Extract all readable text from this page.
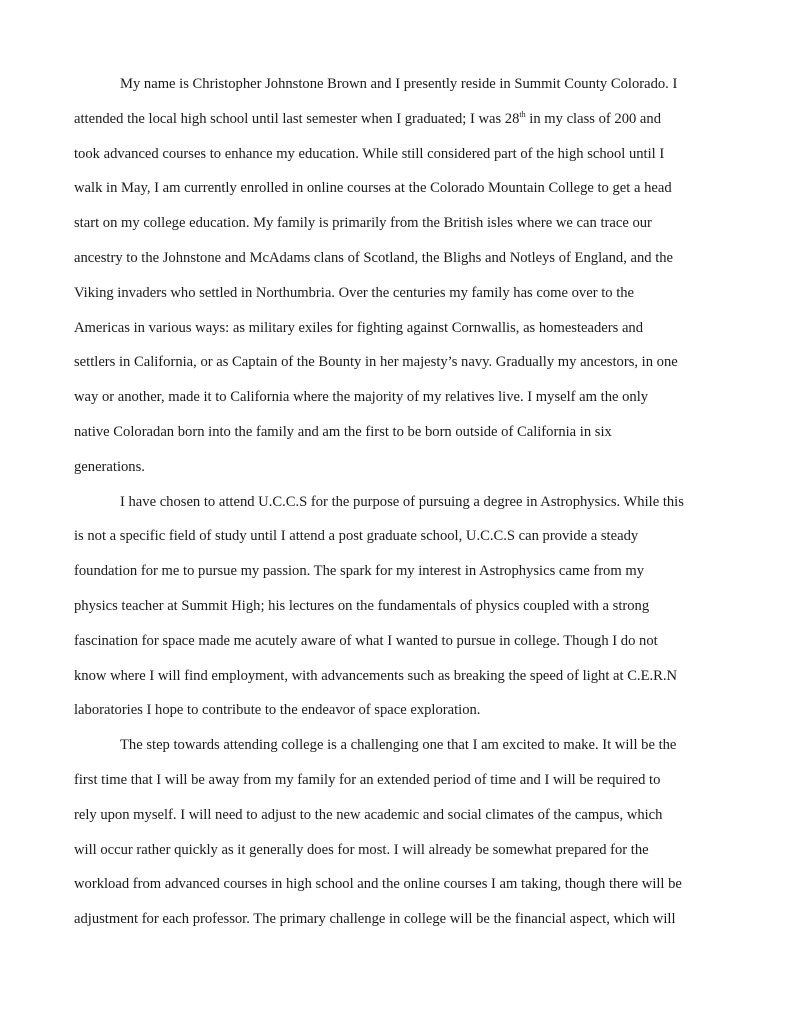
My name is Christopher Johnstone Brown and I presently reside in Summit County Colorado. I
attended the local high school until last semester when I graduated; I was 28th in my class of 200 and
took advanced courses to enhance my education. While still considered part of the high school until I
walk in May, I am currently enrolled in online courses at the Colorado Mountain College to get a head
start on my college education. My family is primarily from the British isles where we can trace our
ancestry to the Johnstone and McAdams clans of Scotland, the Blighs and Notleys of England, and the
Viking invaders who settled in Northumbria. Over the centuries my family has come over to the
Americas in various ways: as military exiles for fighting against Cornwallis, as homesteaders and
settlers in California, or as Captain of the Bounty in her majesty’s navy. Gradually my ancestors, in one
way or another, made it to California where the majority of my relatives live. I myself am the only
native Coloradan born into the family and am the first to be born outside of California in six
generations.
I have chosen to attend U.C.C.S for the purpose of pursuing a degree in Astrophysics. While this
is not a specific field of study until I attend a post graduate school, U.C.C.S can provide a steady
foundation for me to pursue my passion. The spark for my interest in Astrophysics came from my
physics teacher at Summit High; his lectures on the fundamentals of physics coupled with a strong
fascination for space made me acutely aware of what I wanted to pursue in college. Though I do not
know where I will find employment, with advancements such as breaking the speed of light at C.E.R.N
laboratories I hope to contribute to the endeavor of space exploration.
The step towards attending college is a challenging one that I am excited to make. It will be the
first time that I will be away from my family for an extended period of time and I will be required to
rely upon myself. I will need to adjust to the new academic and social climates of the campus, which
will occur rather quickly as it generally does for most. I will already be somewhat prepared for the
workload from advanced courses in high school and the online courses I am taking, though there will be
adjustment for each professor. The primary challenge in college will be the financial aspect, which will
